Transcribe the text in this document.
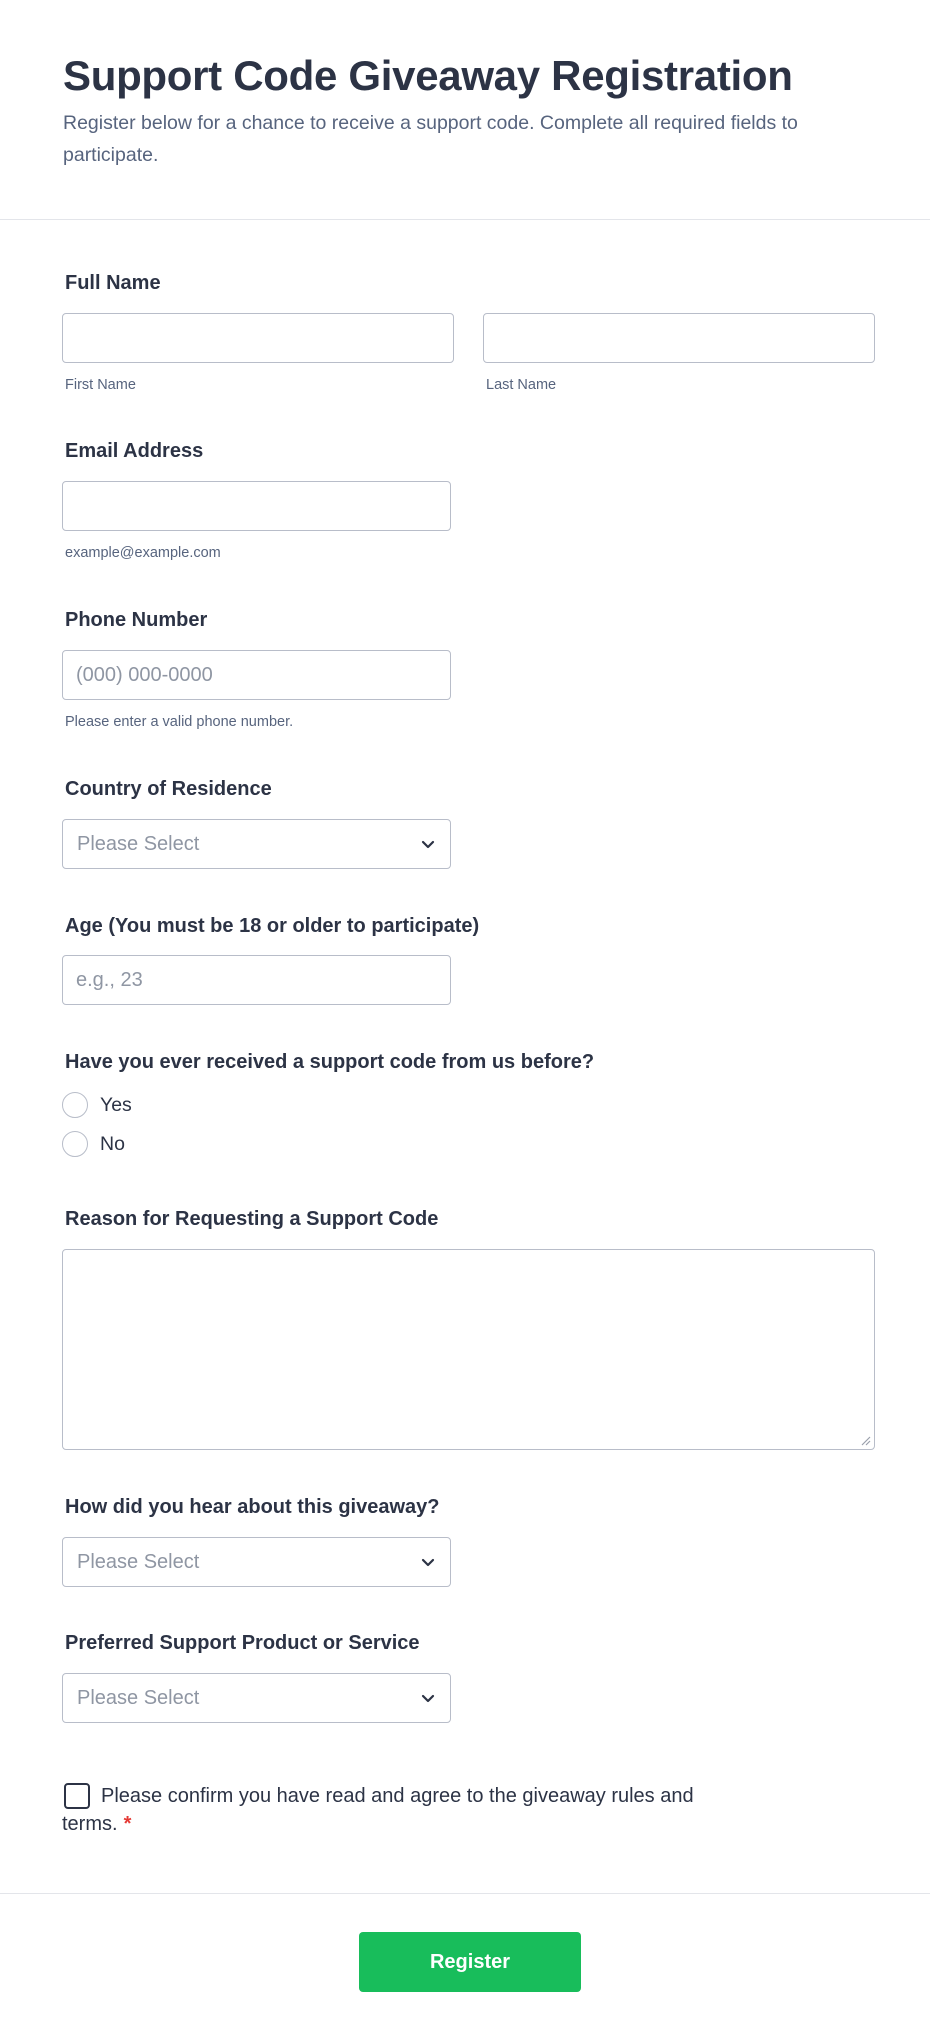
Support Code Giveaway Registration

Register below for a chance to receive a support code. Complete all required fields to participate.

Full Name
First Name	Last Name
Email Address
example@example.com
Phone Number
(000) 000-0000
Please enter a valid phone number.
Country of Residence
Please Select
Age (You must be 18 or older to participate)
e.g., 23
Have you ever received a support code from us before?
Yes
No
Reason for Requesting a Support Code
How did you hear about this giveaway?
Please Select
Preferred Support Product or Service
Please Select
Please confirm you have read and agree to the giveaway rules and terms. *
Register
